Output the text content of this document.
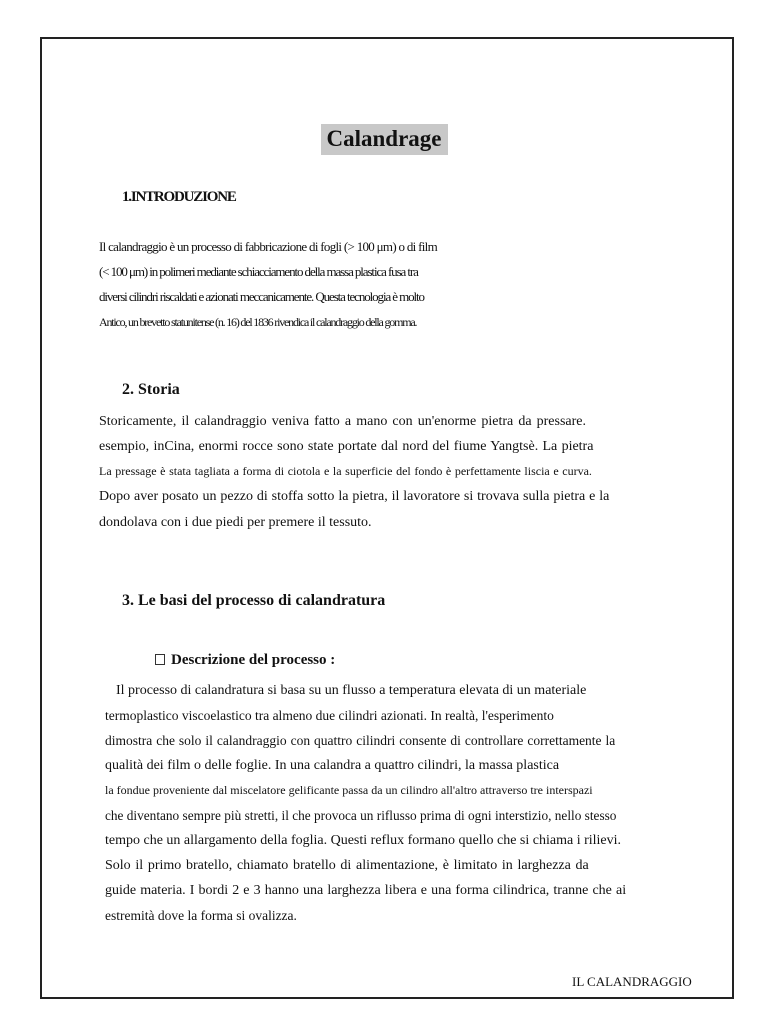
Calandrage
1.INTRODUZIONE
Il calandraggio è un processo di fabbricazione di fogli (> 100 μm) o di film
(< 100 μm) in polimeri mediante schiacciamento della massa plastica fusa tra
diversi cilindri riscaldati e azionati meccanicamente. Questa tecnologia è molto
Antico, un brevetto statunitense (n. 16) del 1836 rivendica il calandraggio della gomma.
2. Storia
Storicamente, il calandraggio veniva fatto a mano con un'enorme pietra da pressare.
esempio, inCina, enormi rocce sono state portate dal nord del fiume Yangtsè. La pietra
La pressage è stata tagliata a forma di ciotola e la superficie del fondo è perfettamente liscia e curva.
Dopo aver posato un pezzo di stoffa sotto la pietra, il lavoratore si trovava sulla pietra e la
dondolava con i due piedi per premere il tessuto.
3. Le basi del processo di calandratura
Descrizione del processo :
Il processo di calandratura si basa su un flusso a temperatura elevata di un materiale
termoplastico viscoelastico tra almeno due cilindri azionati. In realtà, l'esperimento
dimostra che solo il calandraggio con quattro cilindri consente di controllare correttamente la
qualità dei film o delle foglie. In una calandra a quattro cilindri, la massa plastica
la fondue proveniente dal miscelatore gelificante passa da un cilindro all'altro attraverso tre interspazi
che diventano sempre più stretti, il che provoca un riflusso prima di ogni interstizio, nello stesso
tempo che un allargamento della foglia. Questi reflux formano quello che si chiama i rilievi.
Solo il primo bratello, chiamato bratello di alimentazione, è limitato in larghezza da
guide materia. I bordi 2 e 3 hanno una larghezza libera e una forma cilindrica, tranne che ai
estremità dove la forma si ovalizza.
IL CALANDRAGGIO
